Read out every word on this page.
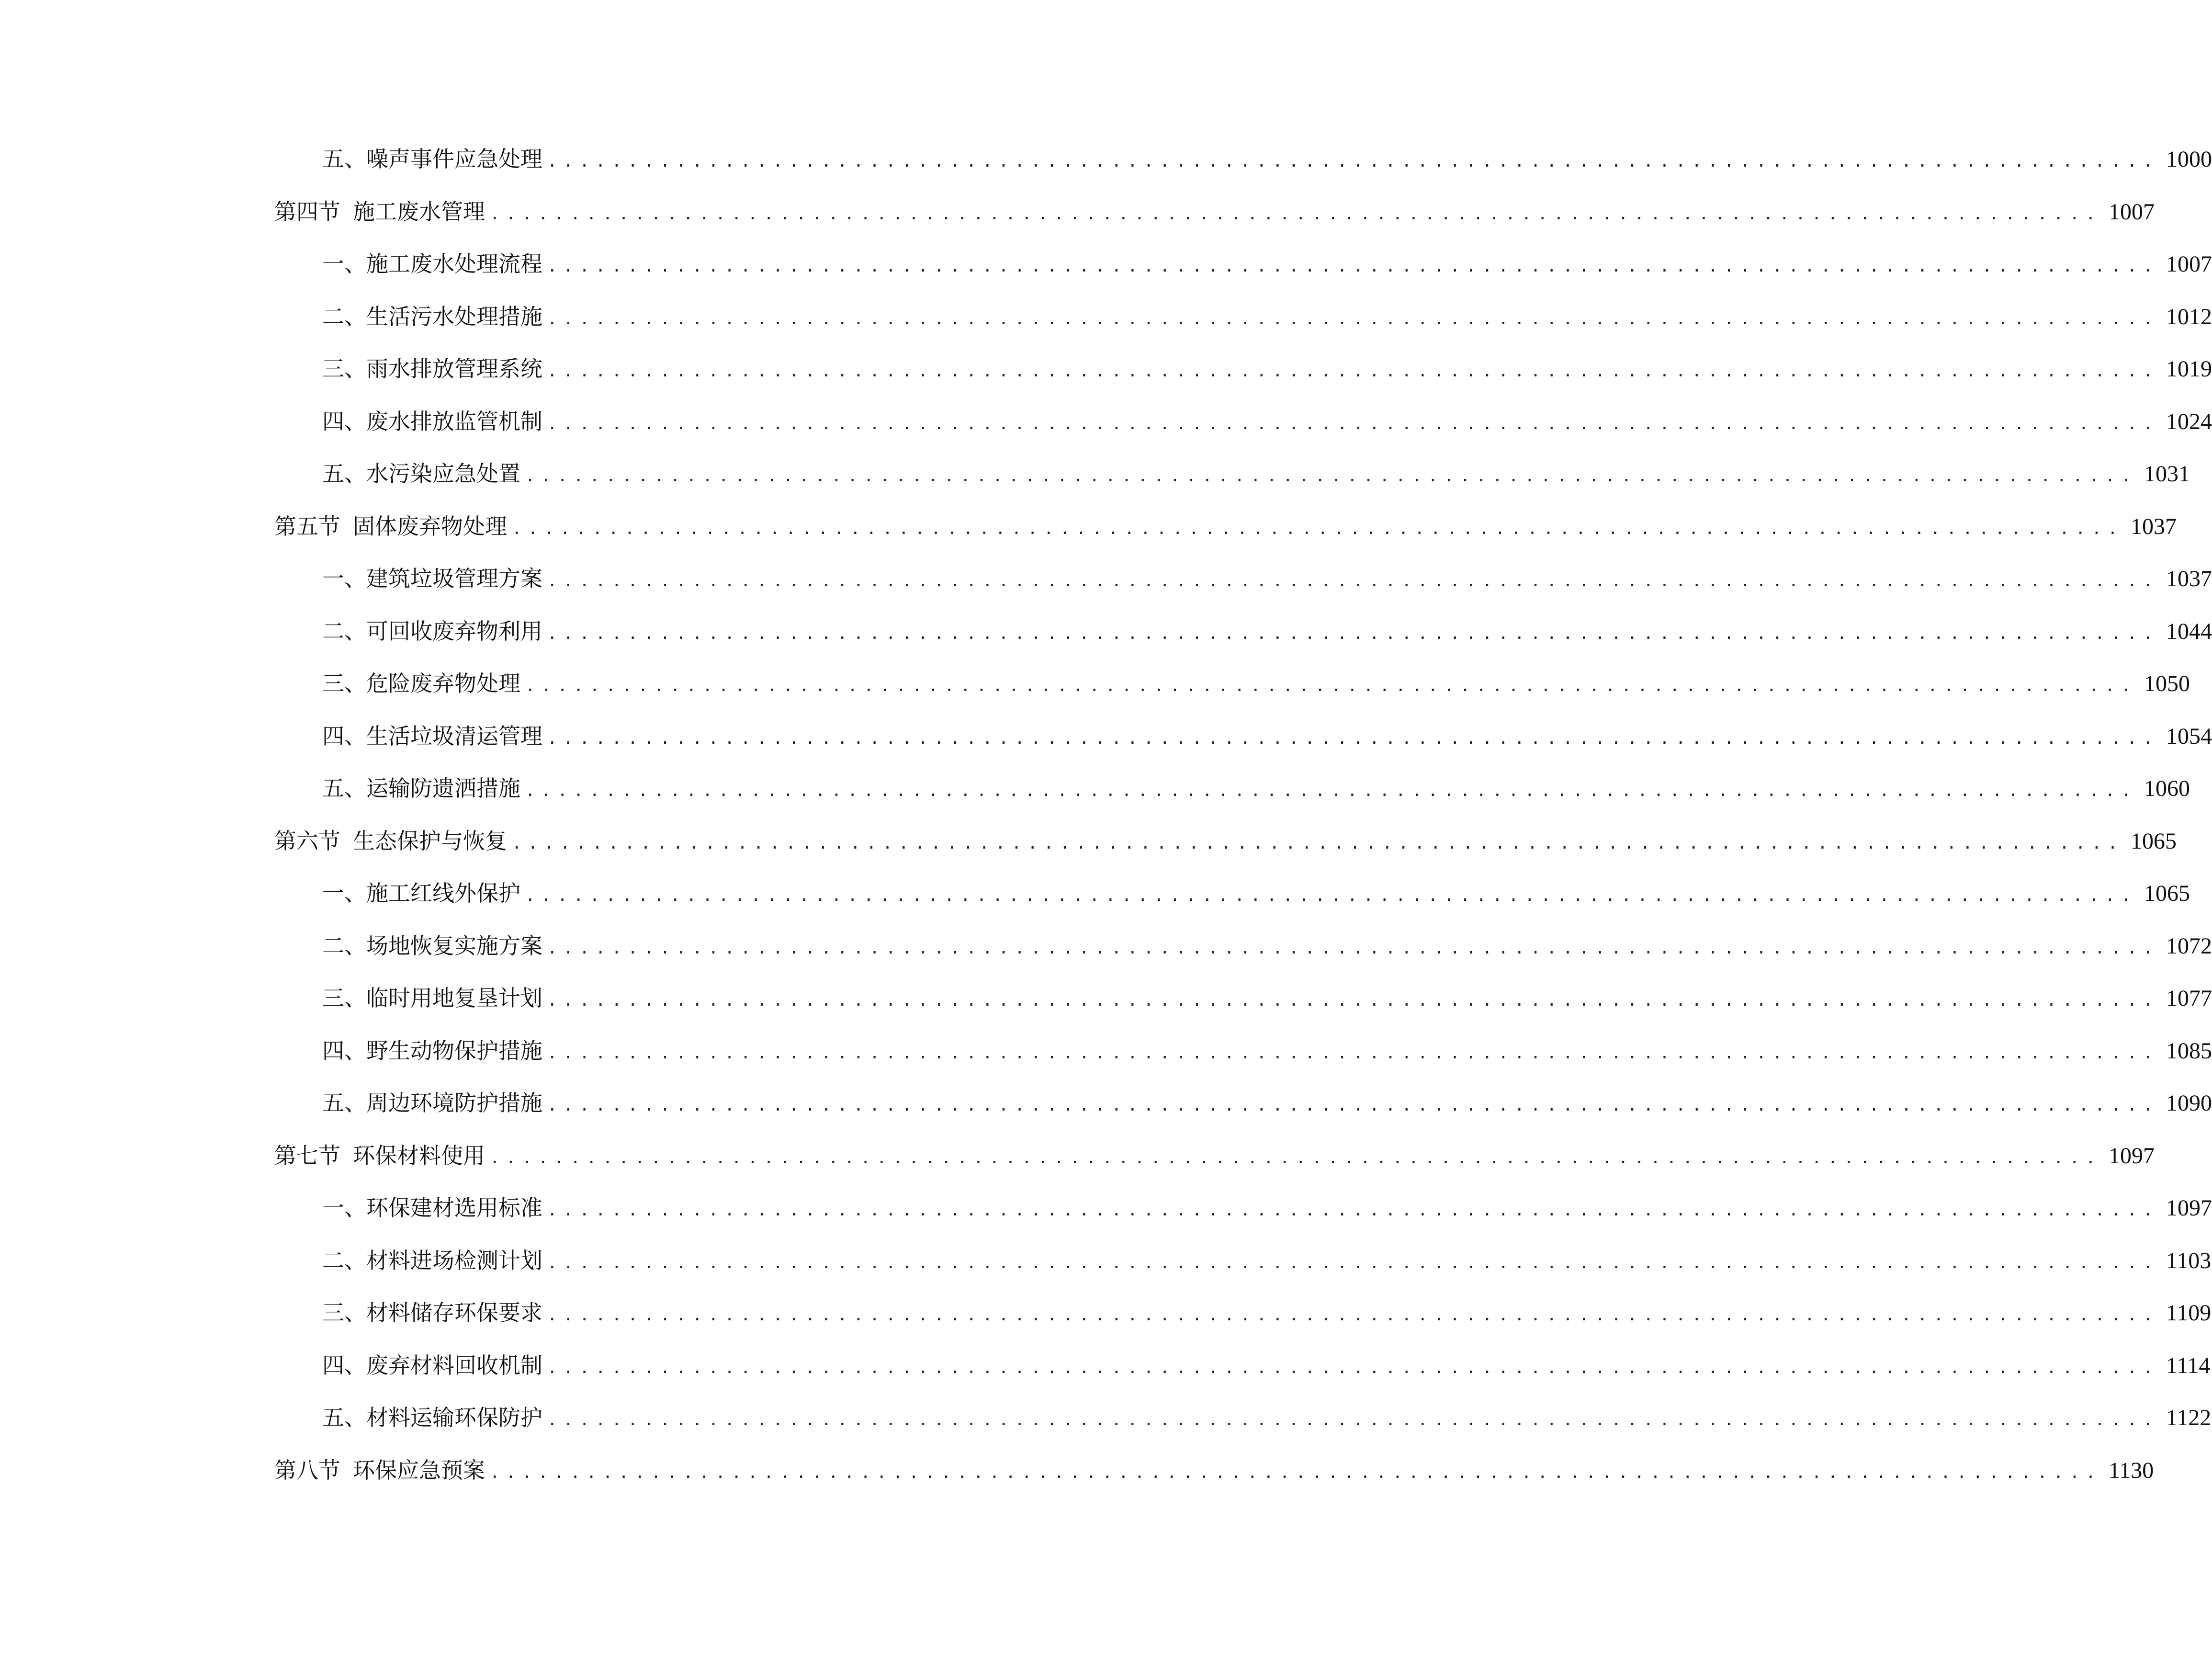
五、 噪声事件应急处理 .................................................................................................... 1000
第四节 施工废水管理 .................................................................................................... 1007
一、 施工废水处理流程 .................................................................................................... 1007
二、 生活污水处理措施 .................................................................................................... 1012
三、 雨水排放管理系统 .................................................................................................... 1019
四、 废水排放监管机制 .................................................................................................... 1024
五、 水污染应急处置 .................................................................................................... 1031
第五节 固体废弃物处理 .................................................................................................... 1037
一、 建筑垃圾管理方案 .................................................................................................... 1037
二、 可回收废弃物利用 .................................................................................................... 1044
三、 危险废弃物处理 .................................................................................................... 1050
四、 生活垃圾清运管理 .................................................................................................... 1054
五、 运输防遗洒措施 .................................................................................................... 1060
第六节 生态保护与恢复 .................................................................................................... 1065
一、 施工红线外保护 .................................................................................................... 1065
二、 场地恢复实施方案 .................................................................................................... 1072
三、 临时用地复垦计划 .................................................................................................... 1077
四、 野生动物保护措施 .................................................................................................... 1085
五、 周边环境防护措施 .................................................................................................... 1090
第七节 环保材料使用 .................................................................................................... 1097
一、 环保建材选用标准 .................................................................................................... 1097
二、 材料进场检测计划 .................................................................................................... 1103
三、 材料储存环保要求 .................................................................................................... 1109
四、 废弃材料回收机制 .................................................................................................... 1114
五、 材料运输环保防护 .................................................................................................... 1122
第八节 环保应急预案 .................................................................................................... 1130
